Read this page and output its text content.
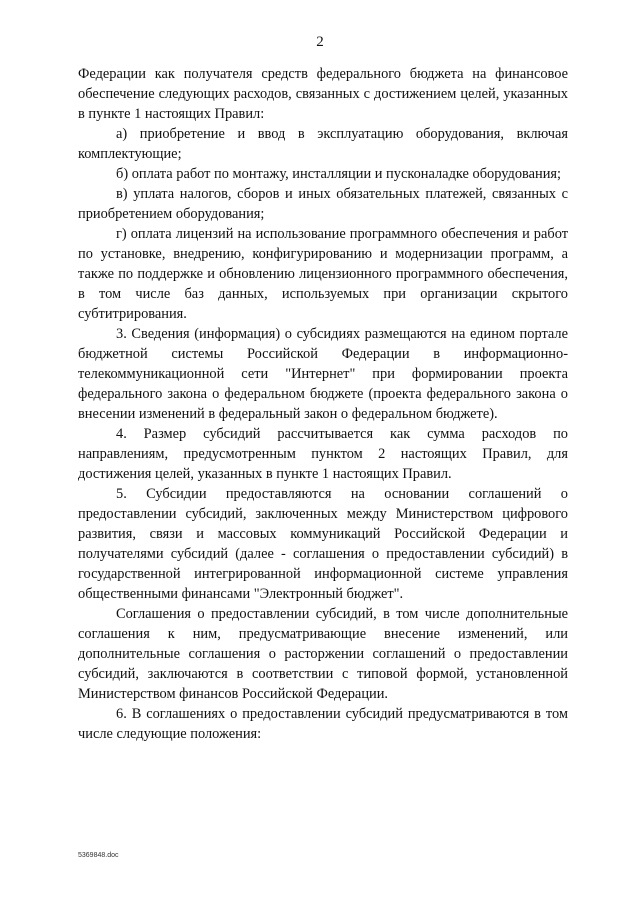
2

Федерации как получателя средств федерального бюджета на финансовое обеспечение следующих расходов, связанных с достижением целей, указанных в пункте 1 настоящих Правил:

а) приобретение и ввод в эксплуатацию оборудования, включая комплектующие;

б) оплата работ по монтажу, инсталляции и пусконаладке оборудования;

в) уплата налогов, сборов и иных обязательных платежей, связанных с приобретением оборудования;

г) оплата лицензий на использование программного обеспечения и работ по установке, внедрению, конфигурированию и модернизации программ, а также по поддержке и обновлению лицензионного программного обеспечения, в том числе баз данных, используемых при организации скрытого субтитрирования.

3. Сведения (информация) о субсидиях размещаются на едином портале бюджетной системы Российской Федерации в информационно-телекоммуникационной сети "Интернет" при формировании проекта федерального закона о федеральном бюджете (проекта федерального закона о внесении изменений в федеральный закон о федеральном бюджете).

4. Размер субсидий рассчитывается как сумма расходов по направлениям, предусмотренным пунктом 2 настоящих Правил, для достижения целей, указанных в пункте 1 настоящих Правил.

5. Субсидии предоставляются на основании соглашений о предоставлении субсидий, заключенных между Министерством цифрового развития, связи и массовых коммуникаций Российской Федерации и получателями субсидий (далее - соглашения о предоставлении субсидий) в государственной интегрированной информационной системе управления общественными финансами "Электронный бюджет".

Соглашения о предоставлении субсидий, в том числе дополнительные соглашения к ним, предусматривающие внесение изменений, или дополнительные соглашения о расторжении соглашений о предоставлении субсидий, заключаются в соответствии с типовой формой, установленной Министерством финансов Российской Федерации.

6. В соглашениях о предоставлении субсидий предусматриваются в том числе следующие положения:

5369848.doc
